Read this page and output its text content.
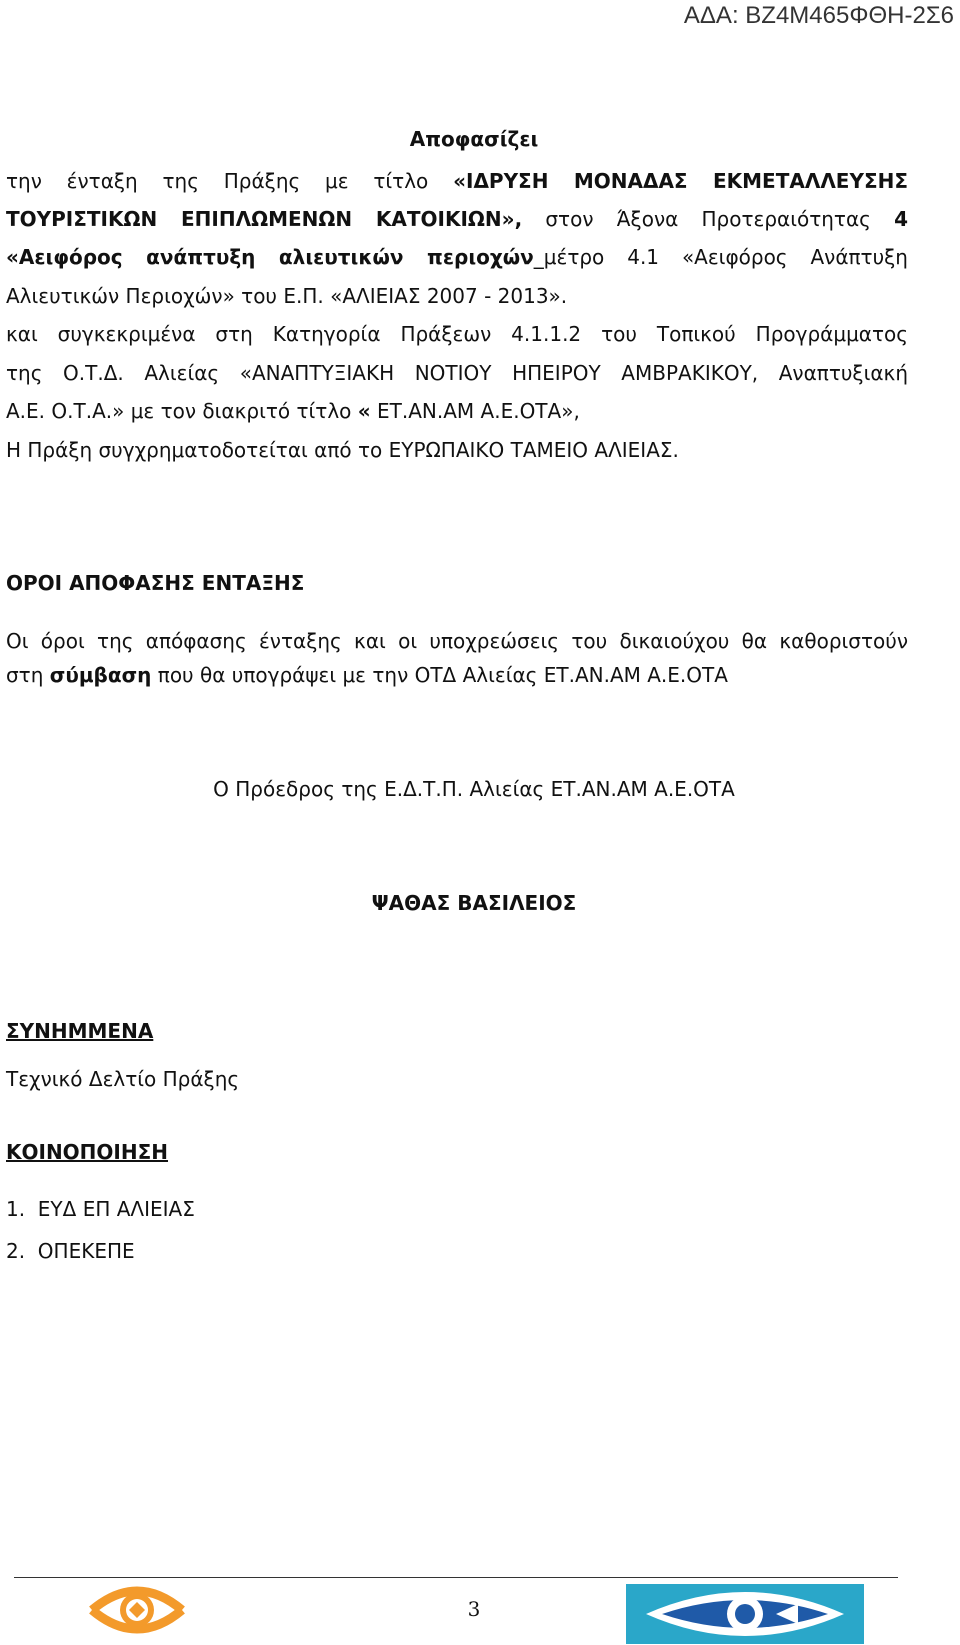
ΑΔΑ: ΒΖ4Μ465ΦΘΗ-2Σ6
Αποφασίζει
την ένταξη της Πράξης με τίτλο «ΙΔΡΥΣΗ ΜΟΝΑΔΑΣ ΕΚΜΕΤΑΛΛΕΥΣΗΣ
ΤΟΥΡΙΣΤΙΚΩΝ ΕΠΙΠΛΩΜΕΝΩΝ ΚΑΤΟΙΚΙΩΝ», στον Άξονα Προτεραιότητας 4
«Αειφόρος ανάπτυξη αλιευτικών περιοχών_μέτρο 4.1 «Αειφόρος Ανάπτυξη
Αλιευτικών Περιοχών» του Ε.Π. «ΑΛΙΕΙΑΣ 2007 - 2013».
και συγκεκριμένα στη Κατηγορία Πράξεων 4.1.1.2 του Τοπικού Προγράμματος
της Ο.Τ.Δ. Αλιείας «ΑΝΑΠΤΥΞΙΑΚΗ ΝΟΤΙΟΥ ΗΠΕΙΡΟΥ ΑΜΒΡΑΚΙΚΟΥ, Αναπτυξιακή
Α.Ε. Ο.Τ.Α.» με τον διακριτό τίτλο « ΕΤ.ΑΝ.ΑΜ Α.Ε.ΟΤΑ»,
Η Πράξη συγχρηματοδοτείται από το ΕΥΡΩΠΑΙΚΟ ΤΑΜΕΙΟ ΑΛΙΕΙΑΣ.
ΟΡΟΙ ΑΠΟΦΑΣΗΣ ΕΝΤΑΞΗΣ
Οι όροι της απόφασης ένταξης και οι υποχρεώσεις του δικαιούχου θα καθοριστούν
στη σύμβαση που θα υπογράψει με την ΟΤΔ Αλιείας ΕΤ.ΑΝ.ΑΜ Α.Ε.ΟΤΑ
Ο Πρόεδρος της Ε.Δ.Τ.Π. Αλιείας ΕΤ.ΑΝ.ΑΜ Α.Ε.ΟΤΑ
ΨΑΘΑΣ ΒΑΣΙΛΕΙΟΣ
ΣΥΝΗΜΜΕΝΑ
Τεχνικό Δελτίο Πράξης
ΚΟΙΝΟΠΟΙΗΣΗ
1.  ΕΥΔ ΕΠ ΑΛΙΕΙΑΣ
2.  ΟΠΕΚΕΠΕ
3
